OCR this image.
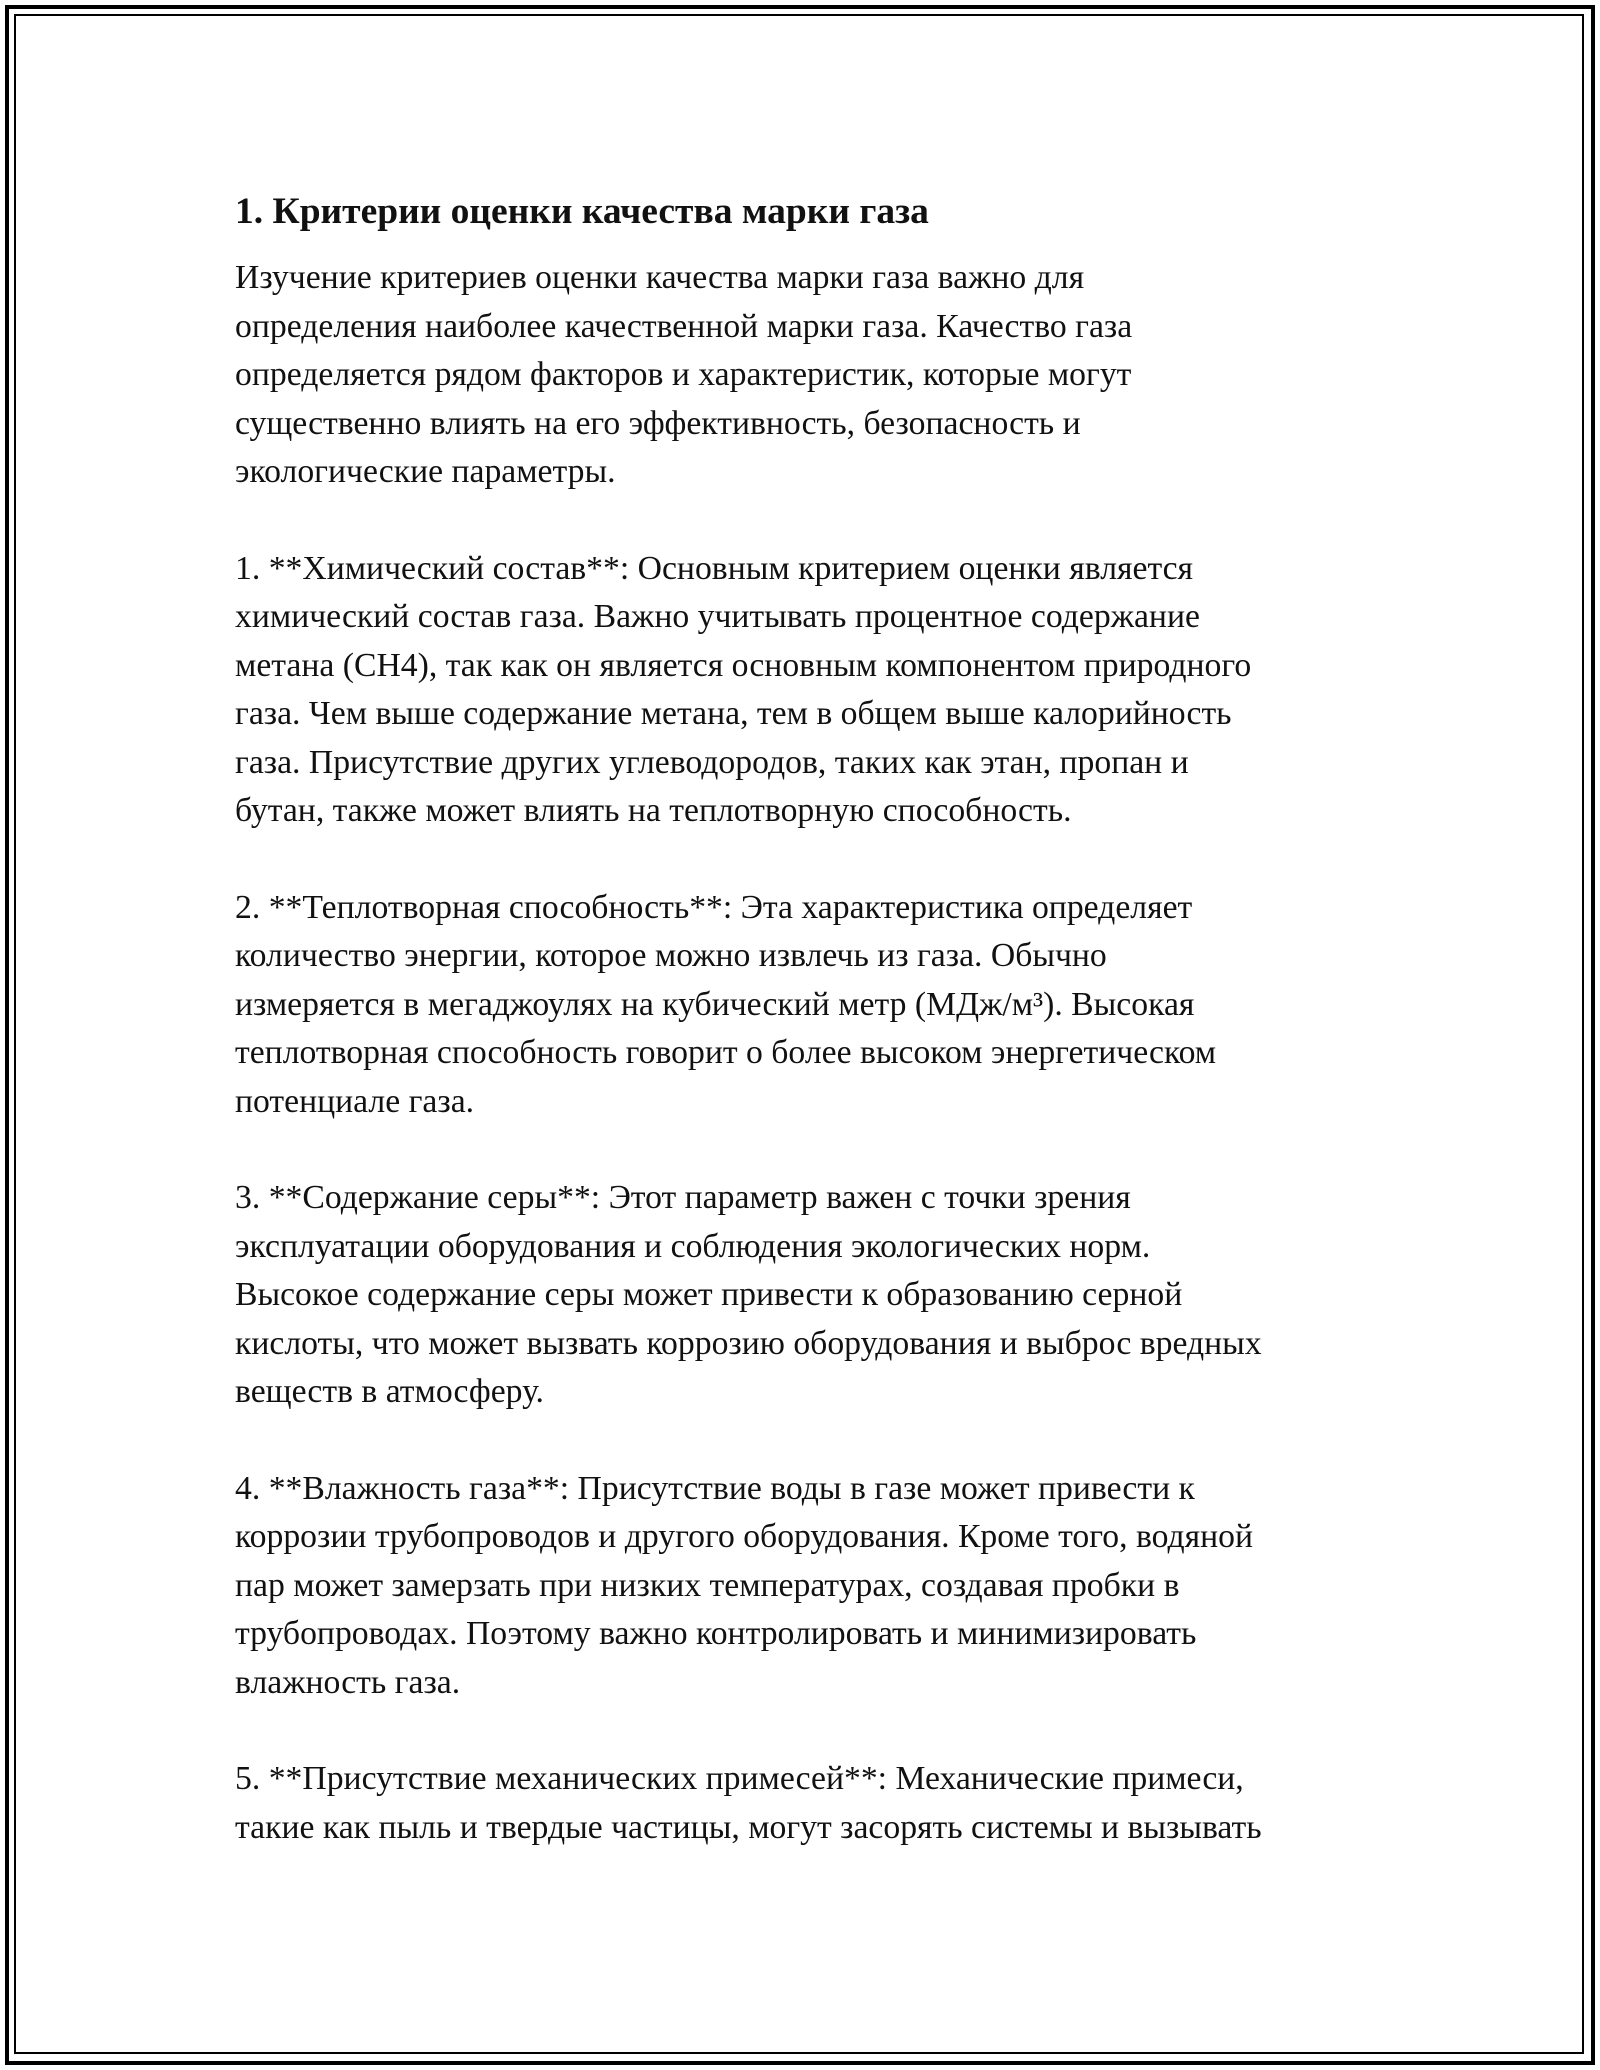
1. Критерии оценки качества марки газа
Изучение критериев оценки качества марки газа важно для
определения наиболее качественной марки газа. Качество газа
определяется рядом факторов и характеристик, которые могут
существенно влиять на его эффективность, безопасность и
экологические параметры.
1. **Химический состав**: Основным критерием оценки является
химический состав газа. Важно учитывать процентное содержание
метана (CH4), так как он является основным компонентом природного
газа. Чем выше содержание метана, тем в общем выше калорийность
газа. Присутствие других углеводородов, таких как этан, пропан и
бутан, также может влиять на теплотворную способность.
2. **Теплотворная способность**: Эта характеристика определяет
количество энергии, которое можно извлечь из газа. Обычно
измеряется в мегаджоулях на кубический метр (МДж/м³). Высокая
теплотворная способность говорит о более высоком энергетическом
потенциале газа.
3. **Содержание серы**: Этот параметр важен с точки зрения
эксплуатации оборудования и соблюдения экологических норм.
Высокое содержание серы может привести к образованию серной
кислоты, что может вызвать коррозию оборудования и выброс вредных
веществ в атмосферу.
4. **Влажность газа**: Присутствие воды в газе может привести к
коррозии трубопроводов и другого оборудования. Кроме того, водяной
пар может замерзать при низких температурах, создавая пробки в
трубопроводах. Поэтому важно контролировать и минимизировать
влажность газа.
5. **Присутствие механических примесей**: Механические примеси,
такие как пыль и твердые частицы, могут засорять системы и вызывать
